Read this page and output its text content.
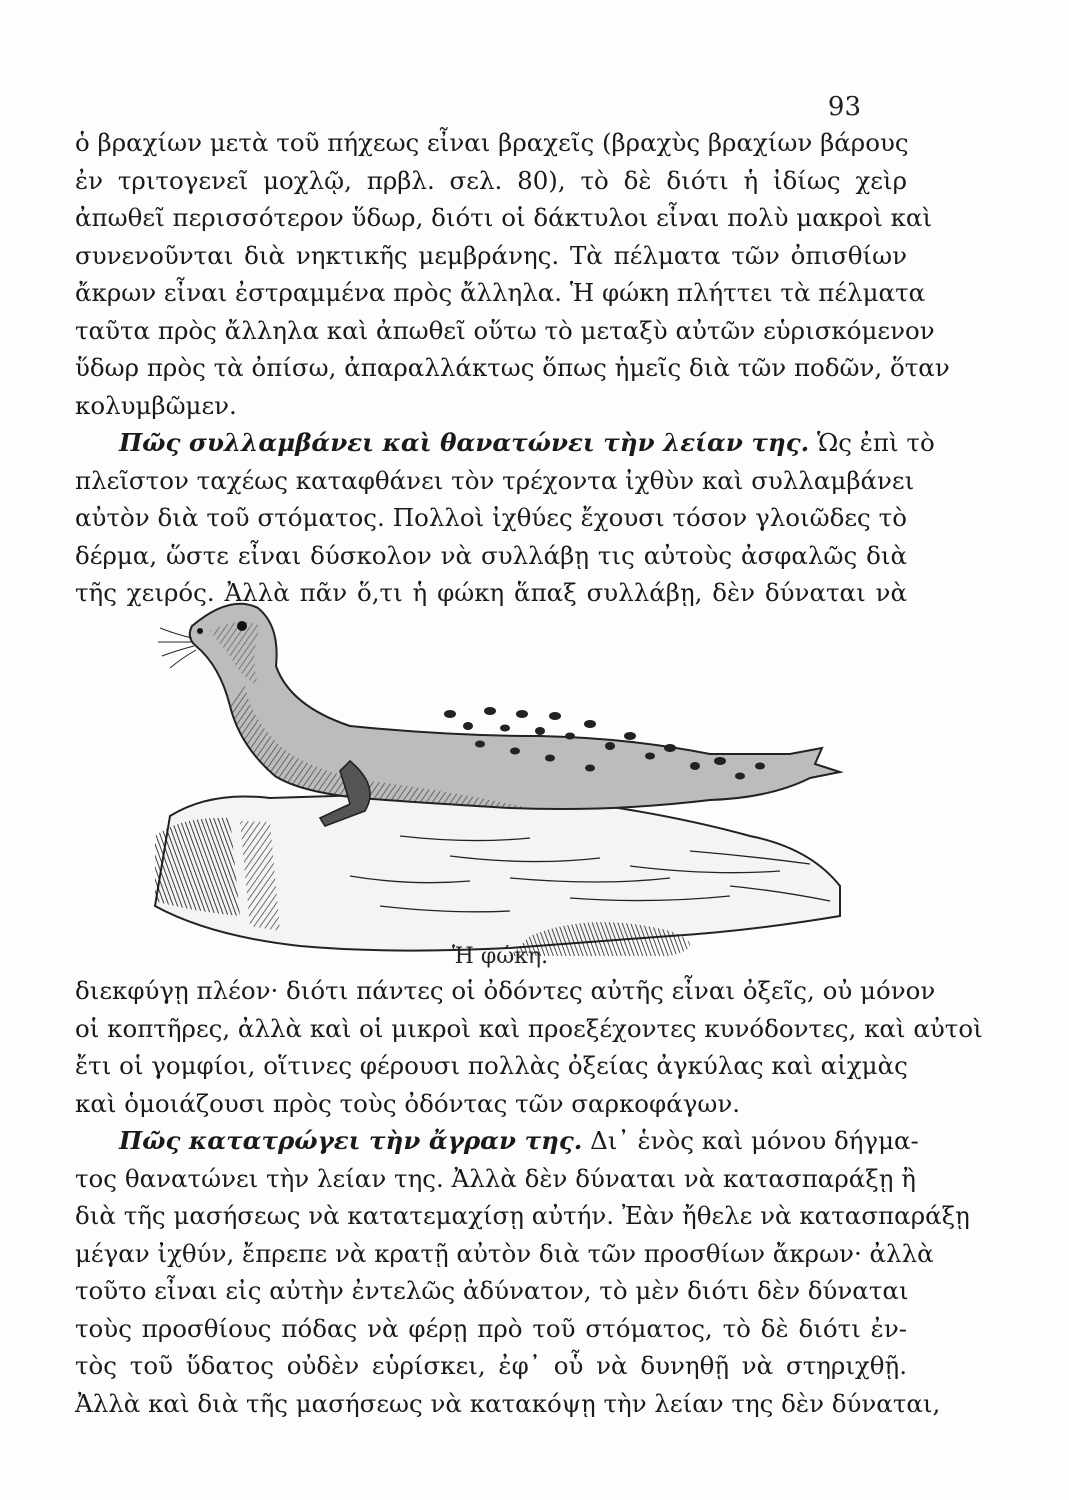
93
ὁ βραχίων μετὰ τοῦ πήχεως εἶναι βραχεῖς (βραχὺς βραχίων βάρους
ἐν τριτογενεῖ μοχλῷ, πρβλ. σελ. 80), τὸ δὲ διότι ἡ ἰδίως χεὶρ
ἀπωθεῖ περισσότερον ὕδωρ, διότι οἱ δάκτυλοι εἶναι πολὺ μακροὶ καὶ
συνενοῦνται διὰ νηκτικῆς μεμβράνης. Τὰ πέλματα τῶν ὀπισθίων
ἄκρων εἶναι ἐστραμμένα πρὸς ἄλληλα. Ἡ φώκη πλήττει τὰ πέλματα
ταῦτα πρὸς ἄλληλα καὶ ἀπωθεῖ οὕτω τὸ μεταξὺ αὐτῶν εὑρισκόμενον
ὕδωρ πρὸς τὰ ὀπίσω, ἀπαραλλάκτως ὅπως ἡμεῖς διὰ τῶν ποδῶν, ὅταν
κολυμβῶμεν.
Πῶς συλλαμβάνει καὶ θανατώνει τὴν λείαν της. Ὡς ἐπὶ τὸ
πλεῖστον ταχέως καταφθάνει τὸν τρέχοντα ἰχθὺν καὶ συλλαμβάνει
αὐτὸν διὰ τοῦ στόματος. Πολλοὶ ἰχθύες ἔχουσι τόσον γλοιῶδες τὸ
δέρμα, ὥστε εἶναι δύσκολον νὰ συλλάβῃ τις αὐτοὺς ἀσφαλῶς διὰ
τῆς χειρός. Ἀλλὰ πᾶν ὅ,τι ἡ φώκη ἅπαξ συλλάβῃ, δὲν δύναται νὰ
Ἡ φώκη.
διεκφύγῃ πλέον· διότι πάντες οἱ ὀδόντες αὐτῆς εἶναι ὀξεῖς, οὐ μόνον
οἱ κοπτῆρες, ἀλλὰ καὶ οἱ μικροὶ καὶ προεξέχοντες κυνόδοντες, καὶ αὐτοὶ
ἔτι οἱ γομφίοι, οἵτινες φέρουσι πολλὰς ὀξείας ἀγκύλας καὶ αἰχμὰς
καὶ ὁμοιάζουσι πρὸς τοὺς ὀδόντας τῶν σαρκοφάγων.
Πῶς κατατρώγει τὴν ἄγραν της. Δι᾽ ἑνὸς καὶ μόνου δήγμα-
τος θανατώνει τὴν λείαν της. Ἀλλὰ δὲν δύναται νὰ κατασπαράξῃ ἢ
διὰ τῆς μασήσεως νὰ κατατεμαχίσῃ αὐτήν. Ἐὰν ἤθελε νὰ κατασπαράξῃ
μέγαν ἰχθύν, ἔπρεπε νὰ κρατῇ αὐτὸν διὰ τῶν προσθίων ἄκρων· ἀλλὰ
τοῦτο εἶναι εἰς αὐτὴν ἐντελῶς ἀδύνατον, τὸ μὲν διότι δὲν δύναται
τοὺς προσθίους πόδας νὰ φέρῃ πρὸ τοῦ στόματος, τὸ δὲ διότι ἐν-
τὸς τοῦ ὕδατος οὐδὲν εὑρίσκει, ἐφ᾽ οὗ νὰ δυνηθῇ νὰ στηριχθῇ.
Ἀλλὰ καὶ διὰ τῆς μασήσεως νὰ κατακόψῃ τὴν λείαν της δὲν δύναται,
